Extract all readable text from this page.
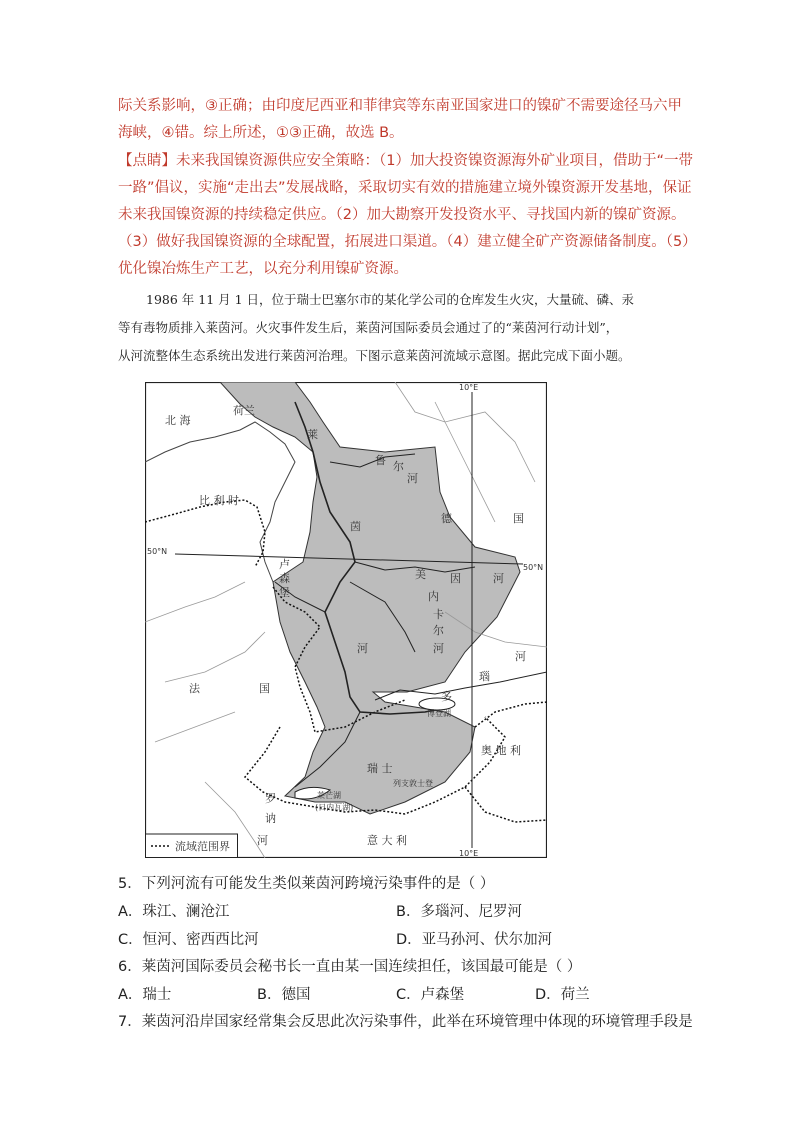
际关系影响，③正确；由印度尼西亚和菲律宾等东南亚国家进口的镍矿不需要途径马六甲
海峡，④错。综上所述，①③正确，故选 B。
【点睛】未来我国镍资源供应安全策略：（1）加大投资镍资源海外矿业项目，借助于“一带
一路”倡议，实施“走出去”发展战略，采取切实有效的措施建立境外镍资源开发基地，保证
未来我国镍资源的持续稳定供应。（2）加大勘察开发投资水平、寻找国内新的镍矿资源。
（3）做好我国镍资源的全球配置，拓展进口渠道。（4）建立健全矿产资源储备制度。（5）
优化镍冶炼生产工艺，以充分利用镍矿资源。
1986 年 11 月 1 日，位于瑞士巴塞尔市的某化学公司的仓库发生火灾，大量硫、磷、汞
等有毒物质排入莱茵河。火灾事件发生后，莱茵河国际委员会通过了的“莱茵河行动计划”，
从河流整体生态系统出发进行莱茵河治理。下图示意莱茵河流域示意图。据此完成下面小题。
北 海
荷兰
莱
鲁 尔
河
比 利 时
德	国
茵
50°N
50°N
卢
森
堡
美 因	河
内
卡
尔
河
河
法	国
多
瑙
河
博登湖
瑞 士
列支敦士登
奥 地 利
莱芒湖
(日内瓦湖)
罗
讷
河	意 大 利
10°E
10°E
流域范围界
5．下列河流有可能发生类似莱茵河跨境污染事件的是（ ）
A．珠江、澜沧江	B．多瑙河、尼罗河
C．恒河、密西西比河	D．亚马孙河、伏尔加河
6．莱茵河国际委员会秘书长一直由某一国连续担任，该国最可能是（ ）
A．瑞士	B．德国	C．卢森堡	D．荷兰
7．莱茵河沿岸国家经常集会反思此次污染事件，此举在环境管理中体现的环境管理手段是
